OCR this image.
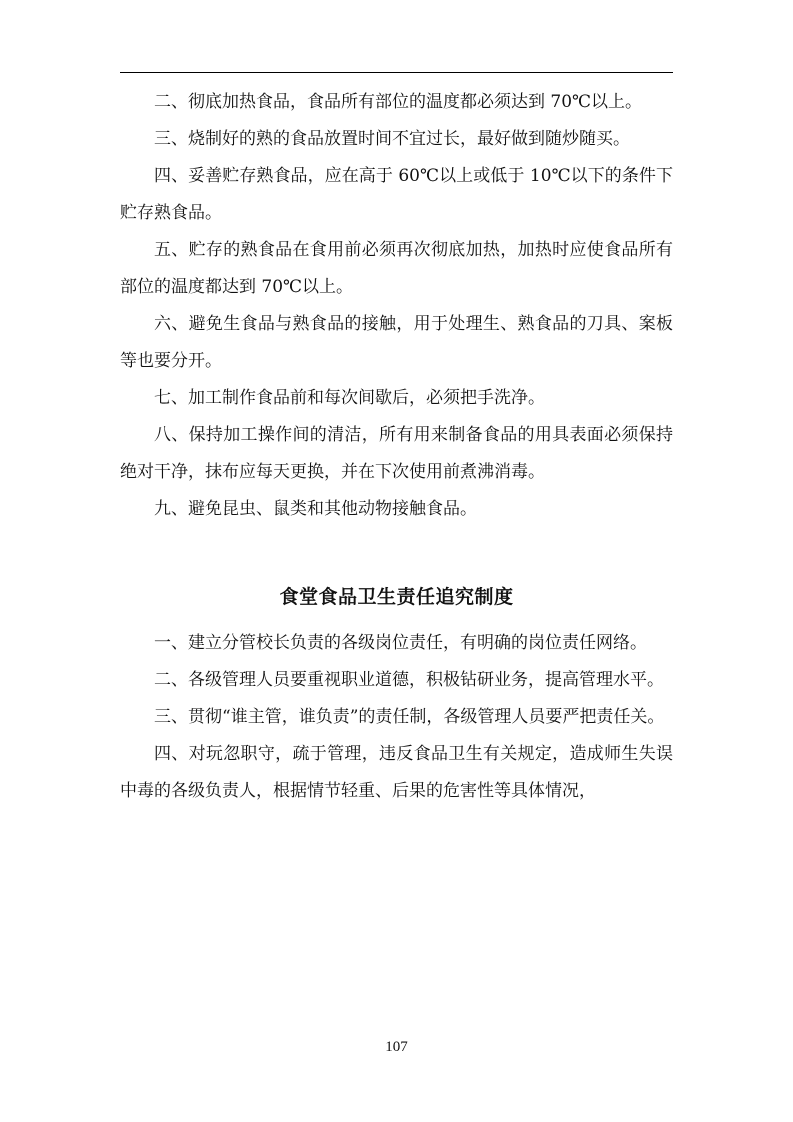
二、彻底加热食品，食品所有部位的温度都必须达到 70℃以上。

三、烧制好的熟的食品放置时间不宜过长，最好做到随炒随买。

四、妥善贮存熟食品，应在高于 60℃以上或低于 10℃以下的条件下贮存熟食品。

五、贮存的熟食品在食用前必须再次彻底加热，加热时应使食品所有部位的温度都达到 70℃以上。

六、避免生食品与熟食品的接触，用于处理生、熟食品的刀具、案板等也要分开。

七、加工制作食品前和每次间歇后，必须把手洗净。

八、保持加工操作间的清洁，所有用来制备食品的用具表面必须保持绝对干净，抹布应每天更换，并在下次使用前煮沸消毒。

九、避免昆虫、鼠类和其他动物接触食品。

食堂食品卫生责任追究制度

一、建立分管校长负责的各级岗位责任，有明确的岗位责任网络。

二、各级管理人员要重视职业道德，积极钻研业务，提高管理水平。

三、贯彻“谁主管，谁负责”的责任制，各级管理人员要严把责任关。

四、对玩忽职守，疏于管理，违反食品卫生有关规定，造成师生失误中毒的各级负责人，根据情节轻重、后果的危害性等具体情况，

107
